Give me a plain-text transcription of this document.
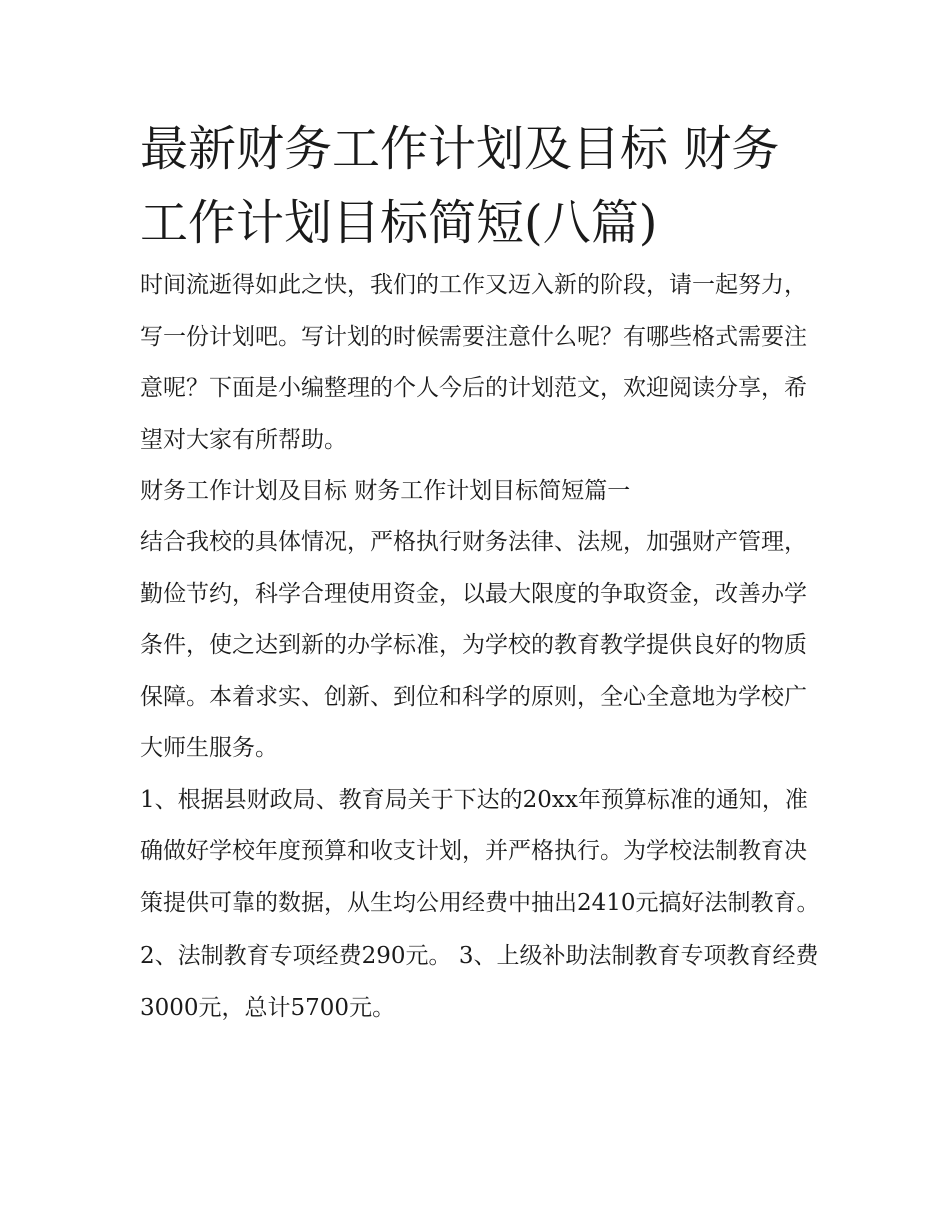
最新财务工作计划及目标 财务工作计划目标简短(八篇)

时间流逝得如此之快，我们的工作又迈入新的阶段，请一起努力，写一份计划吧。写计划的时候需要注意什么呢？有哪些格式需要注意呢？下面是小编整理的个人今后的计划范文，欢迎阅读分享，希望对大家有所帮助。

财务工作计划及目标 财务工作计划目标简短篇一

结合我校的具体情况，严格执行财务法律、法规，加强财产管理，勤俭节约，科学合理使用资金，以最大限度的争取资金，改善办学条件，使之达到新的办学标准，为学校的教育教学提供良好的物质保障。本着求实、创新、到位和科学的原则，全心全意地为学校广大师生服务。

1、根据县财政局、教育局关于下达的20xx年预算标准的通知，准确做好学校年度预算和收支计划，并严格执行。为学校法制教育决策提供可靠的数据，从生均公用经费中抽出2410元搞好法制教育。

2、法制教育专项经费290元。 3、上级补助法制教育专项教育经费3000元，总计5700元。
